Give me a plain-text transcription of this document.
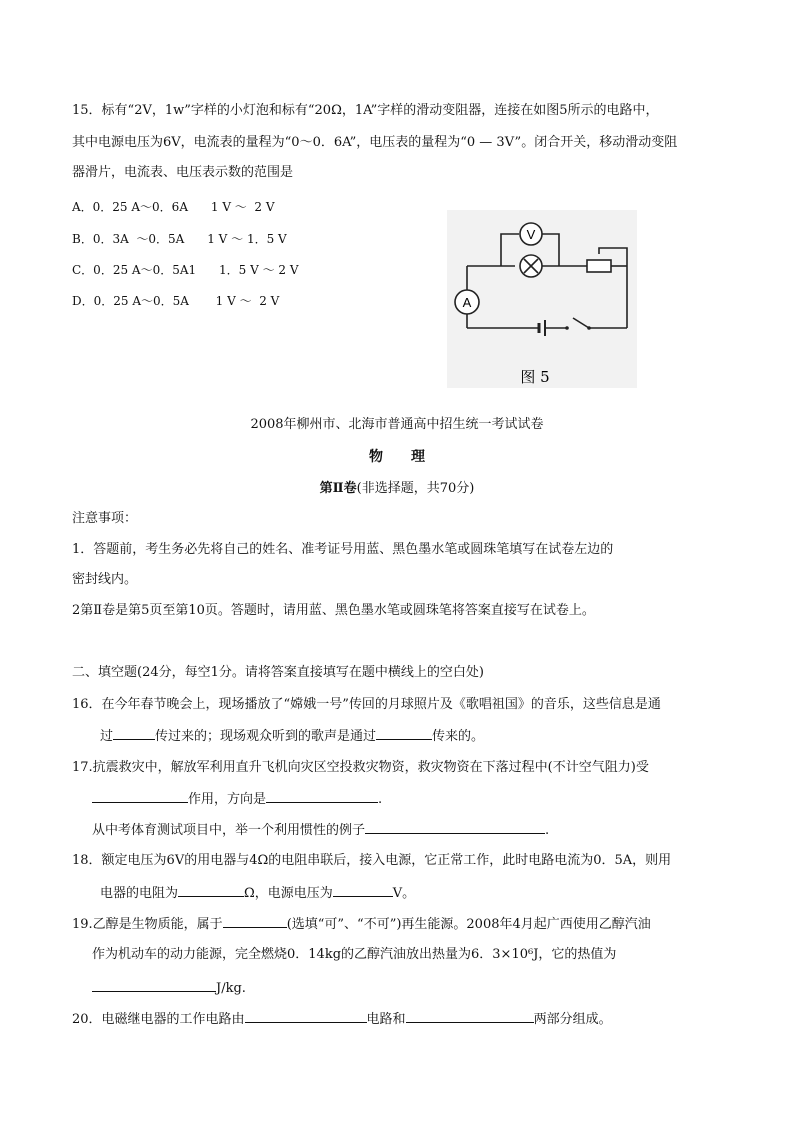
15．标有“2V，1w”字样的小灯泡和标有“20Ω，1A”字样的滑动变阻器，连接在如图5所示的电路中，
其中电源电压为6V，电流表的量程为“0～0．6A”，电压表的量程为“0 — 3V”。闭合开关，移动滑动变阻
器滑片，电流表、电压表示数的范围是
A．0．25 A～0．6A      1 V ～  2 V
B．0．3A  ～0．5A      1 V ～ 1．5 V
C．0．25 A～0．5A1      1．5 V ～ 2 V
D．0．25 A～0．5A       1 V ～  2 V
V
A
图 5
2008年柳州市、北海市普通高中招生统一考试试卷
物　　理
第Ⅱ卷(非选择题，共70分)
注意事项：
1．答题前，考生务必先将自己的姓名、准考证号用蓝、黑色墨水笔或圆珠笔填写在试卷左边的
密封线内。
2第Ⅱ卷是第5页至第10页。答题时，请用蓝、黑色墨水笔或圆珠笔将答案直接写在试卷上。
二、填空题(24分，每空1分。请将答案直接填写在题中横线上的空白处)
16．在今年春节晚会上，现场播放了“嫦娥一号”传回的月球照片及《歌唱祖国》的音乐，这些信息是通
过	传过来的；现场观众听到的歌声是通过	传来的。
17.抗震救灾中，解放军利用直升飞机向灾区空投救灾物资，救灾物资在下落过程中(不计空气阻力)受
作用，方向是	.
从中考体育测试项目中，举一个利用惯性的例子	.
18．额定电压为6V的用电器与4Ω的电阻串联后，接入电源，它正常工作，此时电路电流为0．5A，则用
电器的电阻为	Ω，电源电压为	V。
19.乙醇是生物质能，属于	(选填“可”、“不可”)再生能源。2008年4月起广西使用乙醇汽油
作为机动车的动力能源，完全燃烧0．14kg的乙醇汽油放出热量为6．3×10⁶J，它的热值为
J/kg.
20．电磁继电器的工作电路由	电路和	两部分组成。
